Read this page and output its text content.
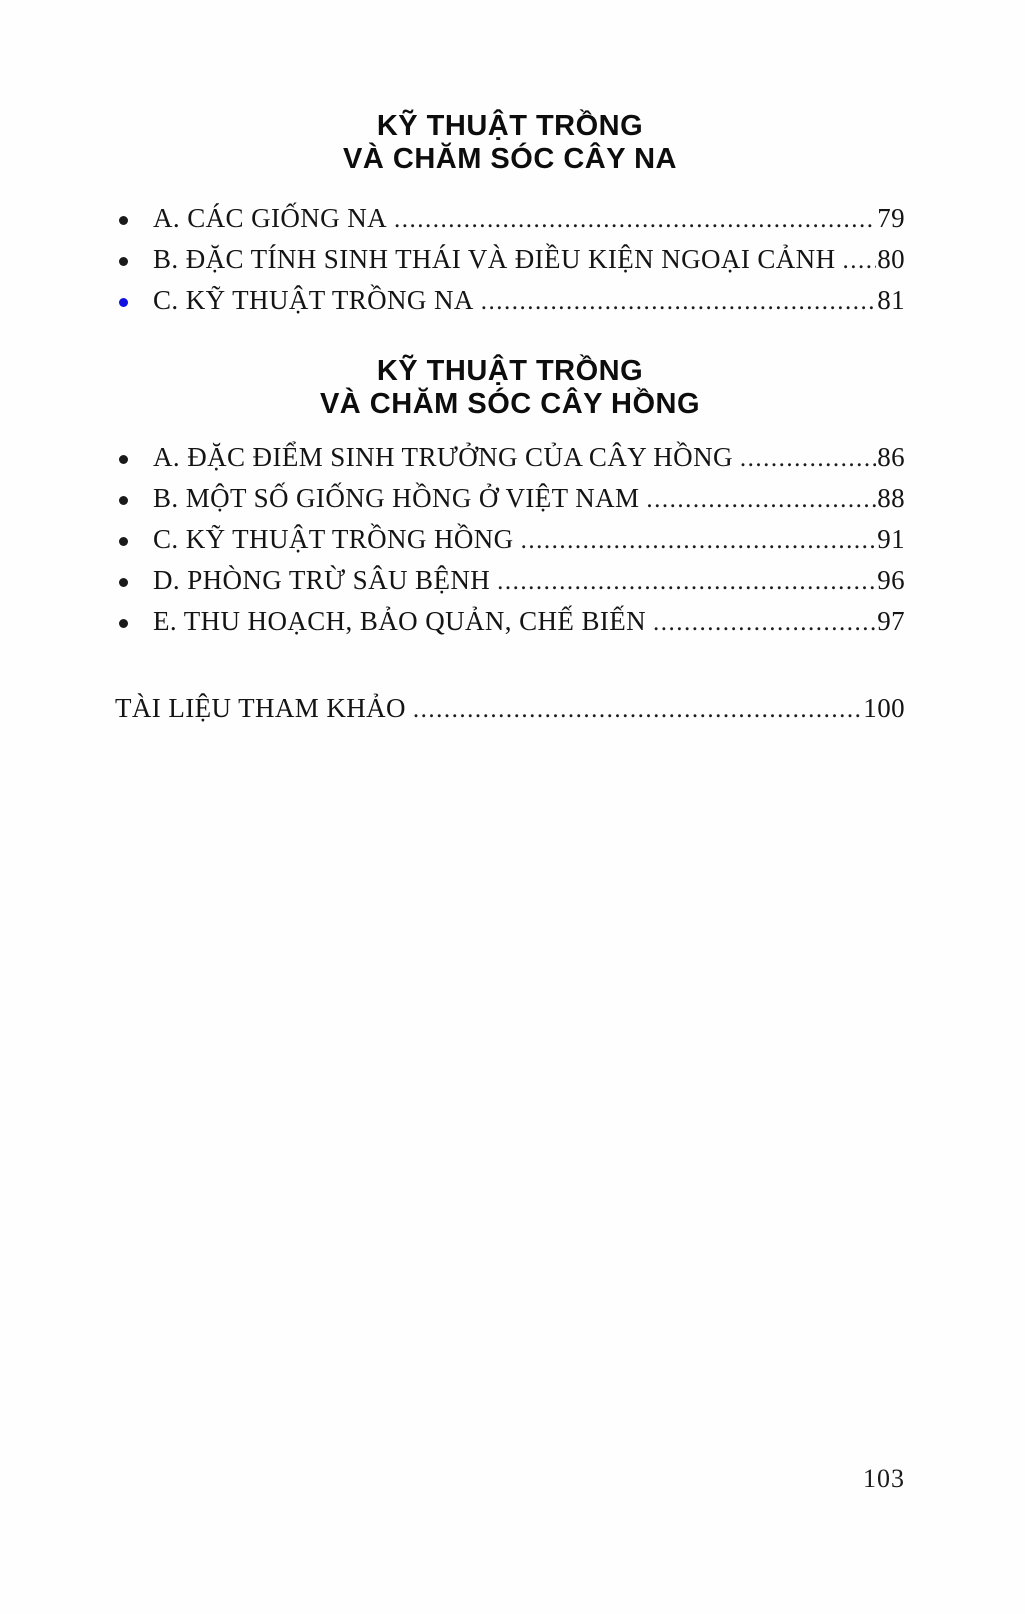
KỸ THUẬT TRỒNG
VÀ CHĂM SÓC CÂY NA
A. CÁC GIỐNG NA .....	79
B. ĐẶC TÍNH SINH THÁI VÀ ĐIỀU KIỆN NGOẠI CẢNH ..... 80
C. KỸ THUẬT TRỒNG NA .....	81
KỸ THUẬT TRỒNG
VÀ CHĂM SÓC CÂY HỒNG
A. ĐẶC ĐIỂM SINH TRƯỞNG CỦA CÂY HỒNG .....	86
B. MỘT SỐ GIỐNG HỒNG Ở VIỆT NAM .....	88
C. KỸ THUẬT TRỒNG HỒNG .....	91
D. PHÒNG TRỪ SÂU BỆNH .....	96
E. THU HOẠCH, BẢO QUẢN, CHẾ BIẾN .....	97
TÀI LIỆU THAM KHẢO .....	100
103
